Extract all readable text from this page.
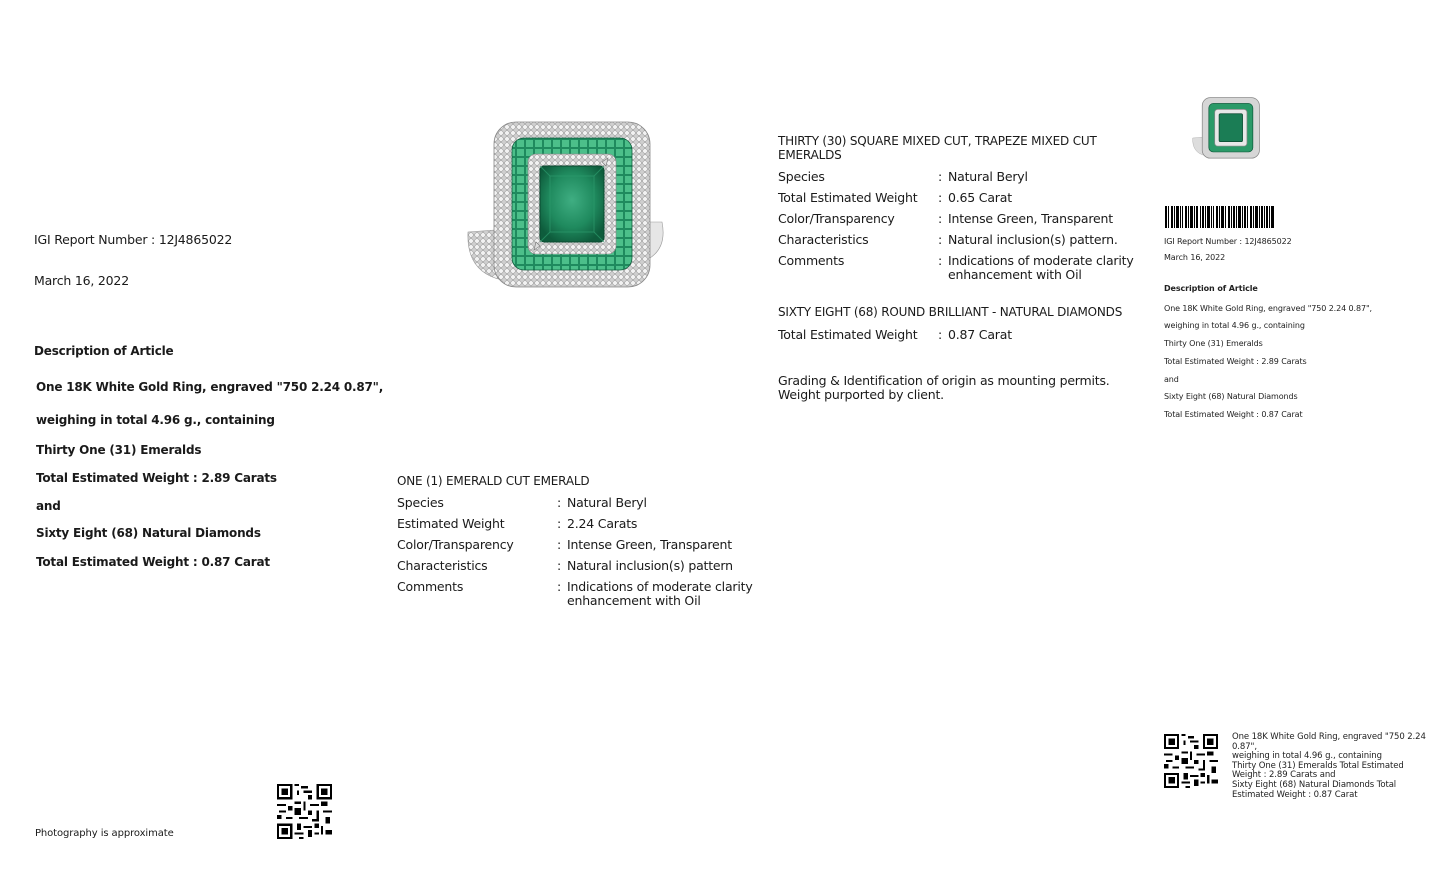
IGI Report Number : 12J4865022
March 16, 2022
Description of Article
One 18K White Gold Ring, engraved "750 2.24 0.87",
weighing in total 4.96 g., containing
Thirty One (31) Emeralds
Total Estimated Weight : 2.89 Carats
and
Sixty Eight (68) Natural Diamonds
Total Estimated Weight : 0.87 Carat
Photography is approximate
ONE (1) EMERALD CUT EMERALD
Species	: Natural Beryl
Estimated Weight	: 2.24 Carats
Color/Transparency	: Intense Green, Transparent
Characteristics	: Natural inclusion(s) pattern
Comments	: Indications of moderate clarity enhancement with Oil
THIRTY (30) SQUARE MIXED CUT, TRAPEZE MIXED CUT EMERALDS
Species	: Natural Beryl
Total Estimated Weight : 0.65 Carat
Color/Transparency	: Intense Green, Transparent
Characteristics	: Natural inclusion(s) pattern.
Comments	: Indications of moderate clarity enhancement with Oil
SIXTY EIGHT (68) ROUND BRILLIANT - NATURAL DIAMONDS
Total Estimated Weight : 0.87 Carat
Grading & Identification of origin as mounting permits.
Weight purported by client.
IGI Report Number : 12J4865022
March 16, 2022
Description of Article
One 18K White Gold Ring, engraved "750 2.24 0.87",
weighing in total 4.96 g., containing
Thirty One (31) Emeralds
Total Estimated Weight : 2.89 Carats
and
Sixty Eight (68) Natural Diamonds
Total Estimated Weight : 0.87 Carat
One 18K White Gold Ring, engraved "750 2.24
0.87",
weighing in total 4.96 g., containing
Thirty One (31) Emeralds Total Estimated
Weight : 2.89 Carats and
Sixty Eight (68) Natural Diamonds Total
Estimated Weight : 0.87 Carat
